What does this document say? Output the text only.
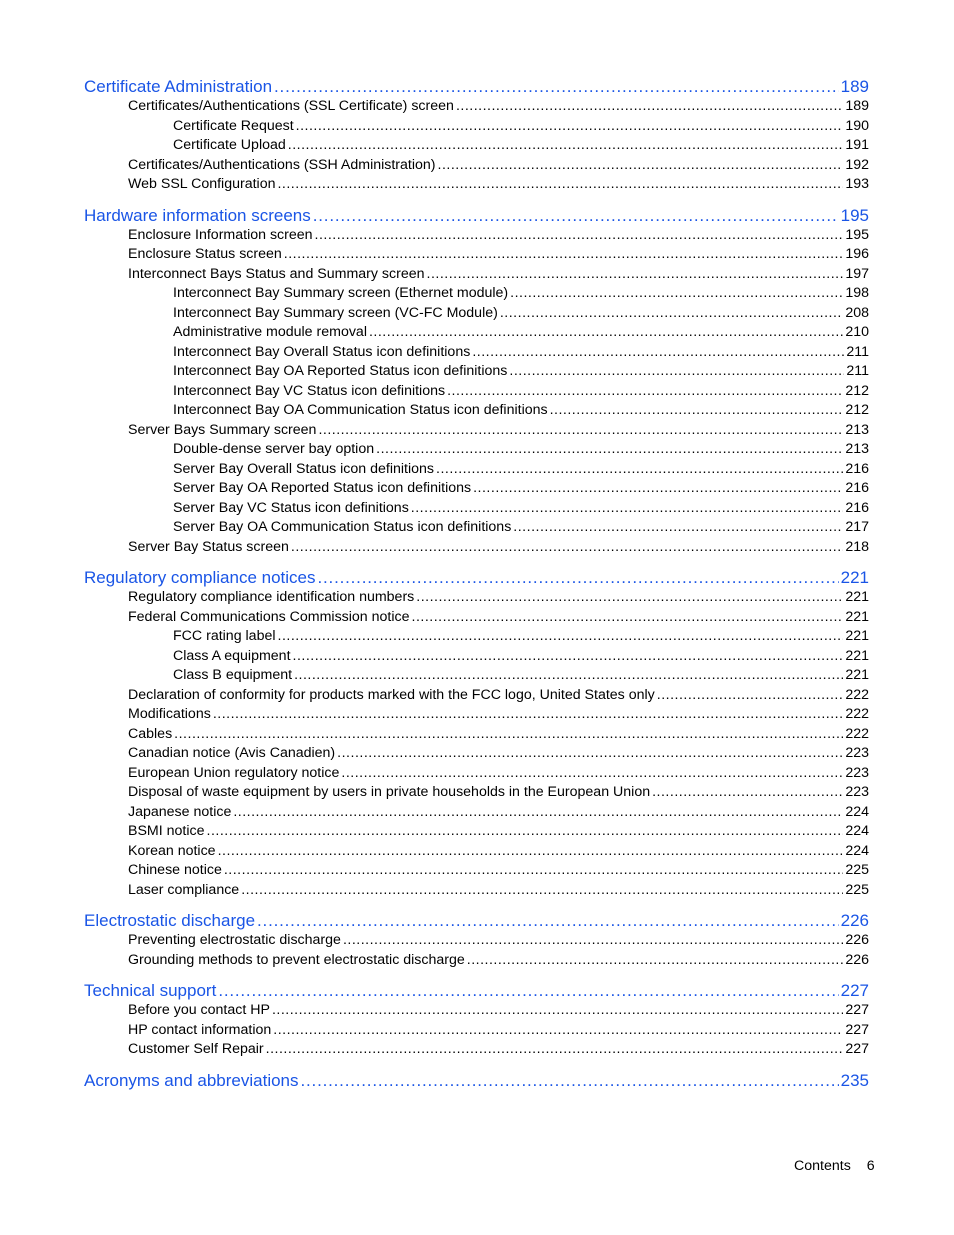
Certificate Administration .....	189
Certificates/Authentications (SSL Certificate) screen .....	189
Certificate Request .....	190
Certificate Upload .....	191
Certificates/Authentications (SSH Administration) .....	192
Web SSL Configuration .....	193
Hardware information screens .....	195
Enclosure Information screen .....	195
Enclosure Status screen .....	196
Interconnect Bays Status and Summary screen .....	197
Interconnect Bay Summary screen (Ethernet module) .....	198
Interconnect Bay Summary screen (VC-FC Module) .....	208
Administrative module removal .....	210
Interconnect Bay Overall Status icon definitions .....	211
Interconnect Bay OA Reported Status icon definitions .....	211
Interconnect Bay VC Status icon definitions .....	212
Interconnect Bay OA Communication Status icon definitions .....	212
Server Bays Summary screen .....	213
Double-dense server bay option .....	213
Server Bay Overall Status icon definitions .....	216
Server Bay OA Reported Status icon definitions .....	216
Server Bay VC Status icon definitions .....	216
Server Bay OA Communication Status icon definitions .....	217
Server Bay Status screen .....	218
Regulatory compliance notices .....	221
Regulatory compliance identification numbers .....	221
Federal Communications Commission notice .....	221
FCC rating label .....	221
Class A equipment .....	221
Class B equipment .....	221
Declaration of conformity for products marked with the FCC logo, United States only .....	222
Modifications .....	222
Cables .....	222
Canadian notice (Avis Canadien) .....	223
European Union regulatory notice .....	223
Disposal of waste equipment by users in private households in the European Union .....	223
Japanese notice .....	224
BSMI notice .....	224
Korean notice .....	224
Chinese notice .....	225
Laser compliance .....	225
Electrostatic discharge .....	226
Preventing electrostatic discharge .....	226
Grounding methods to prevent electrostatic discharge .....	226
Technical support .....	227
Before you contact HP .....	227
HP contact information .....	227
Customer Self Repair .....	227
Acronyms and abbreviations .....	235
Contents 6
